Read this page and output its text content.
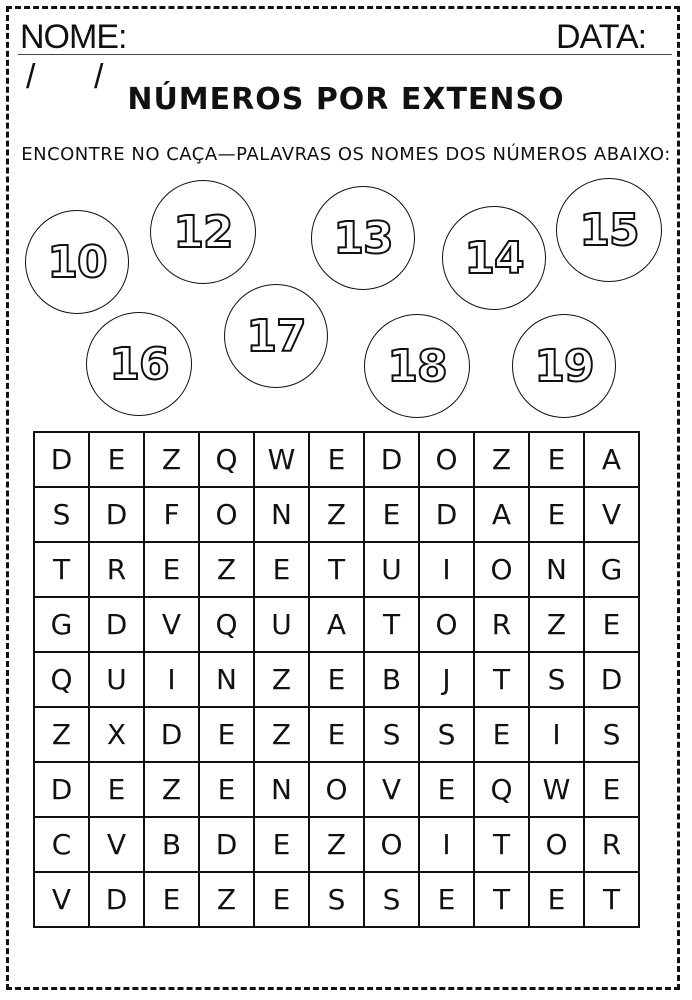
NOME:	DATA:
/ /
NÚMEROS POR EXTENSO
ENCONTRE NO CAÇA—PALAVRAS OS NOMES DOS NÚMEROS ABAIXO:
10
12 13 14
15
16
17
18 19
D	E	Z	Q	W	E	D	O	Z	E	A
S	D	F	O	N	Z	E	D	A	E	V
T	R	E	Z	E	T	U	I	O	N	G
G	D	V	Q	U	A	T	O	R	Z	E
Q	U	I	N	Z	E	B	J	T	S	D
Z	X	D	E	Z	E	S	S	E	I	S
D	E	Z	E	N	O	V	E	Q	W	E
C	V	B	D	E	Z	O	I	T	O	R
V	D	E	Z	E	S	S	E	T	E	T
